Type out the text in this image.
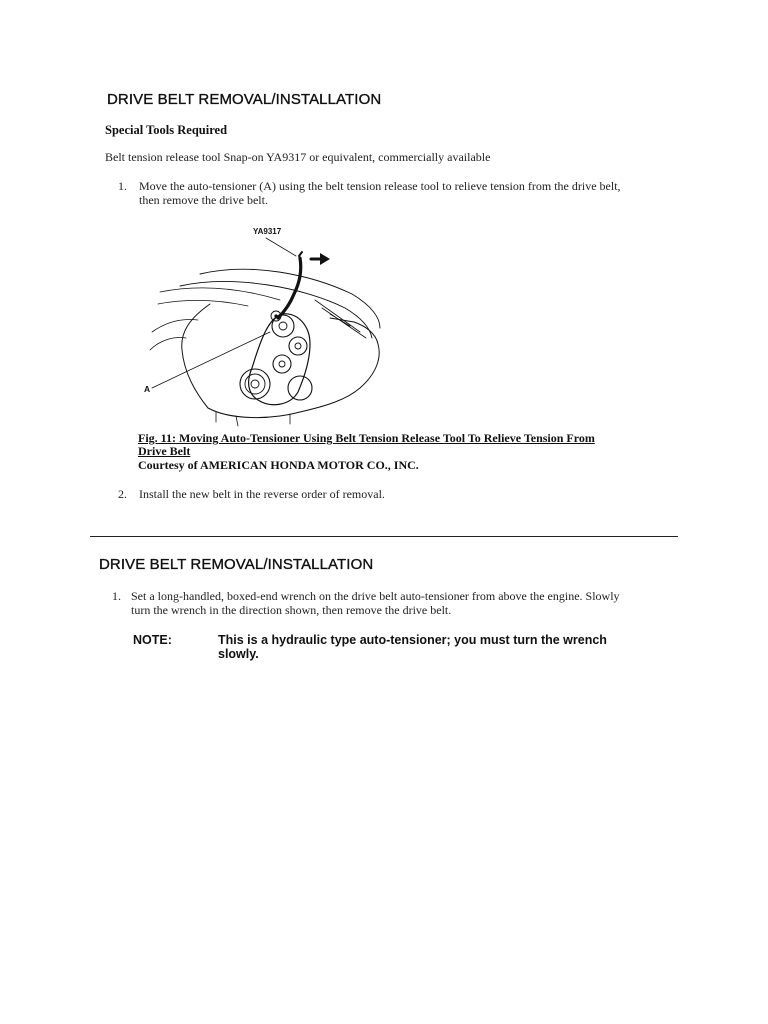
DRIVE BELT REMOVAL/INSTALLATION
Special Tools Required
Belt tension release tool Snap-on YA9317 or equivalent, commercially available
1. Move the auto-tensioner (A) using the belt tension release tool to relieve tension from the drive belt,
then remove the drive belt.
YA9317
A
Fig. 11: Moving Auto-Tensioner Using Belt Tension Release Tool To Relieve Tension From
Drive Belt
Courtesy of AMERICAN HONDA MOTOR CO., INC.
2. Install the new belt in the reverse order of removal.
DRIVE BELT REMOVAL/INSTALLATION
1. Set a long-handled, boxed-end wrench on the drive belt auto-tensioner from above the engine. Slowly
turn the wrench in the direction shown, then remove the drive belt.
NOTE:	This is a hydraulic type auto-tensioner; you must turn the wrench
slowly.
